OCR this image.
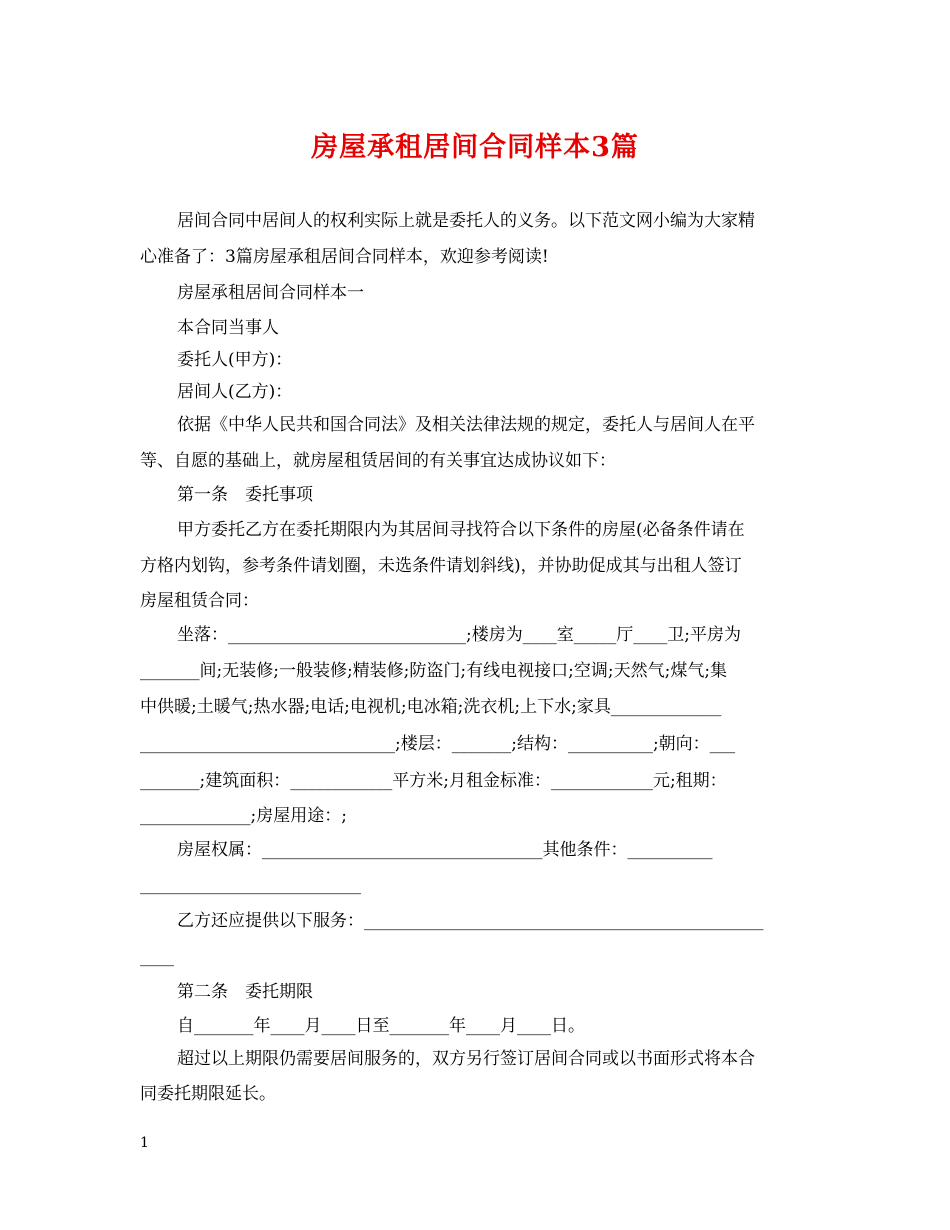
房屋承租居间合同样本3篇
居间合同中居间人的权利实际上就是委托人的义务。以下范文网小编为大家精
心准备了：3篇房屋承租居间合同样本，欢迎参考阅读!
房屋承租居间合同样本一
本合同当事人
委托人(甲方)：
居间人(乙方)：
依据《中华人民共和国合同法》及相关法律法规的规定，委托人与居间人在平
等、自愿的基础上，就房屋租赁居间的有关事宜达成协议如下：
第一条　委托事项
甲方委托乙方在委托期限内为其居间寻找符合以下条件的房屋(必备条件请在
方格内划钩，参考条件请划圈，未选条件请划斜线)，并协助促成其与出租人签订
房屋租赁合同：
坐落：____________________________;楼房为____室_____厅____卫;平房为
_______间;无装修;一般装修;精装修;防盗门;有线电视接口;空调;天然气;煤气;集
中供暖;土暖气;热水器;电话;电视机;电冰箱;洗衣机;上下水;家具_____________
______________________________;楼层：_______;结构：__________;朝向：___
_______;建筑面积：____________平方米;月租金标准：____________元;租期：
_____________;房屋用途：;
房屋权属：_________________________________其他条件：__________
__________________________
乙方还应提供以下服务：_______________________________________________
____
第二条　委托期限
自_______年____月____日至_______年____月____日。
超过以上期限仍需要居间服务的，双方另行签订居间合同或以书面形式将本合
同委托期限延长。
1
